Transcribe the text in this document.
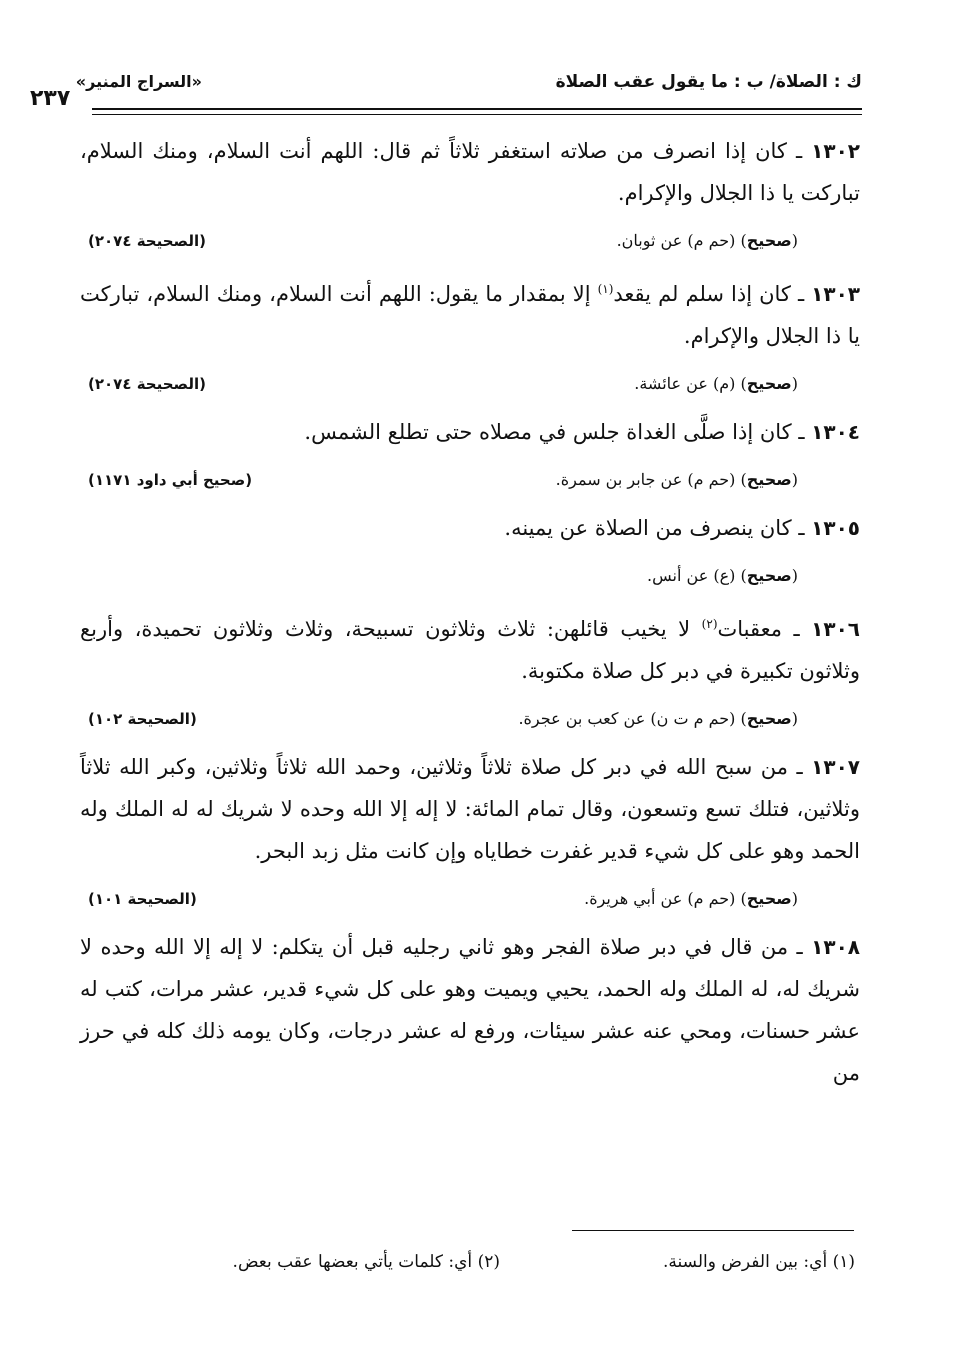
ك : الصلاة/ ب : ما يقول عقب الصلاة
«السراج المنير»
٢٣٧

١٣٠٢ ـ كان إذا انصرف من صلاته استغفر ثلاثاً ثم قال: اللهم أنت السلام، ومنك السلام، تباركت يا ذا الجلال والإكرام.

(صحيح) (حم م) عن ثوبان.
(الصحيحة ٢٠٧٤)

١٣٠٣ ـ كان إذا سلم لم يقعد$^{(١)}$ إلا بمقدار ما يقول: اللهم أنت السلام، ومنك السلام، تباركت يا ذا الجلال والإكرام.

(صحيح) (م) عن عائشة.
(الصحيحة ٢٠٧٤)

١٣٠٤ ـ كان إذا صلَّى الغداة جلس في مصلاه حتى تطلع الشمس.

(صحيح) (حم م) عن جابر بن سمرة.
(صحيح أبي داود ١١٧١)

١٣٠٥ ـ كان ينصرف من الصلاة عن يمينه.

(صحيح) (ع) عن أنس.

١٣٠٦ ـ معقبات$^{(٢)}$ لا يخيب قائلهن: ثلاث وثلاثون تسبيحة، وثلاث وثلاثون تحميدة، وأربع وثلاثون تكبيرة في دبر كل صلاة مكتوبة.

(صحيح) (حم م ت ن) عن كعب بن عجرة.
(الصحيحة ١٠٢)

١٣٠٧ ـ من سبح الله في دبر كل صلاة ثلاثاً وثلاثين، وحمد الله ثلاثاً وثلاثين، وكبر الله ثلاثاً وثلاثين، فتلك تسع وتسعون، وقال تمام المائة: لا إله إلا الله وحده لا شريك له له الملك وله الحمد وهو على كل شيء قدير غفرت خطاياه وإن كانت مثل زبد البحر.

(صحيح) (حم م) عن أبي هريرة.
(الصحيحة ١٠١)

١٣٠٨ ـ من قال في دبر صلاة الفجر وهو ثاني رجليه قبل أن يتكلم: لا إله إلا الله وحده لا شريك له، له الملك وله الحمد، يحيي ويميت وهو على كل شيء قدير، عشر مرات، كتب له عشر حسنات، ومحي عنه عشر سيئات، ورفع له عشر درجات، وكان يومه ذلك كله في حرز من

(١) أي: بين الفرض والسنة.
(٢) أي: كلمات يأتي بعضها عقب بعض.
